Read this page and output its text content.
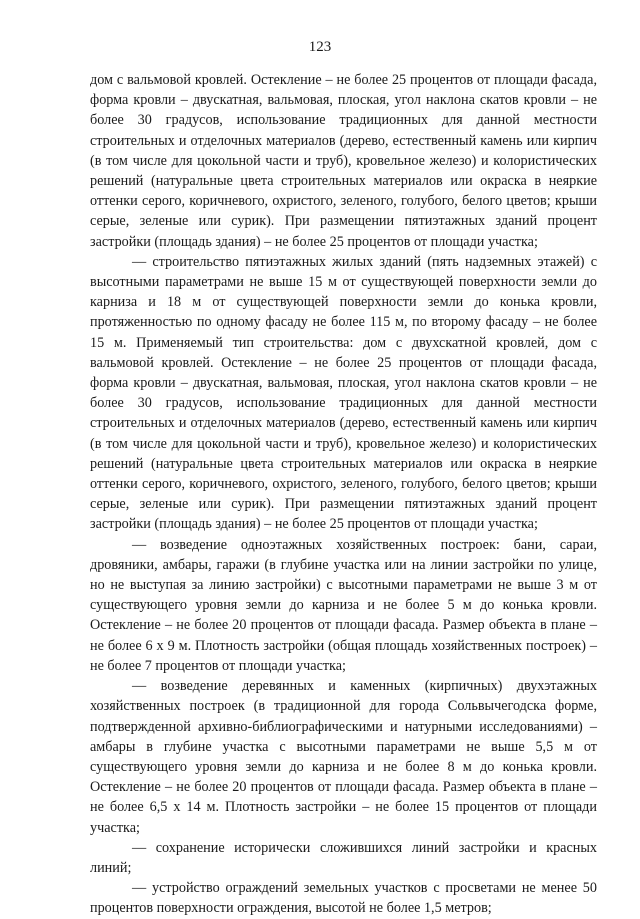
123

дом с вальмовой кровлей. Остекление – не более 25 процентов от площади фасада, форма кровли – двускатная, вальмовая, плоская, угол наклона скатов кровли – не более 30 градусов, использование традиционных для данной местности строительных и отделочных материалов (дерево, естественный камень или кирпич (в том числе для цокольной части и труб), кровельное железо) и колористических решений (натуральные цвета строительных материалов или окраска в неяркие оттенки серого, коричневого, охристого, зеленого, голубого, белого цветов; крыши серые, зеленые или сурик). При размещении пятиэтажных зданий процент застройки (площадь здания) – не более 25 процентов от площади участка;

— строительство пятиэтажных жилых зданий (пять надземных этажей) с высотными параметрами не выше 15 м от существующей поверхности земли до карниза и 18 м от существующей поверхности земли до конька кровли, протяженностью по одному фасаду не более 115 м, по второму фасаду – не более 15 м. Применяемый тип строительства: дом с двухскатной кровлей, дом с вальмовой кровлей. Остекление – не более 25 процентов от площади фасада, форма кровли – двускатная, вальмовая, плоская, угол наклона скатов кровли – не более 30 градусов, использование традиционных для данной местности строительных и отделочных материалов (дерево, естественный камень или кирпич (в том числе для цокольной части и труб), кровельное железо) и колористических решений (натуральные цвета строительных материалов или окраска в неяркие оттенки серого, коричневого, охристого, зеленого, голубого, белого цветов; крыши серые, зеленые или сурик). При размещении пятиэтажных зданий процент застройки (площадь здания) – не более 25 процентов от площади участка;

— возведение одноэтажных хозяйственных построек: бани, сараи, дровяники, амбары, гаражи (в глубине участка или на линии застройки по улице, но не выступая за линию застройки) с высотными параметрами не выше 3 м от существующего уровня земли до карниза и не более 5 м до конька кровли. Остекление – не более 20 процентов от площади фасада. Размер объекта в плане – не более 6 х 9 м. Плотность застройки (общая площадь хозяйственных построек) – не более 7 процентов от площади участка;

— возведение деревянных и каменных (кирпичных) двухэтажных хозяйственных построек (в традиционной для города Сольвычегодска форме, подтвержденной архивно-библиографическими и натурными исследованиями) – амбары в глубине участка с высотными параметрами не выше 5,5 м от существующего уровня земли до карниза и не более 8 м до конька кровли. Остекление – не более 20 процентов от площади фасада. Размер объекта в плане – не более 6,5 х 14 м. Плотность застройки – не более 15 процентов от площади участка;

— сохранение исторически сложившихся линий застройки и красных линий;

— устройство ограждений земельных участков с просветами не менее 50 процентов поверхности ограждения, высотой не более 1,5 метров;
